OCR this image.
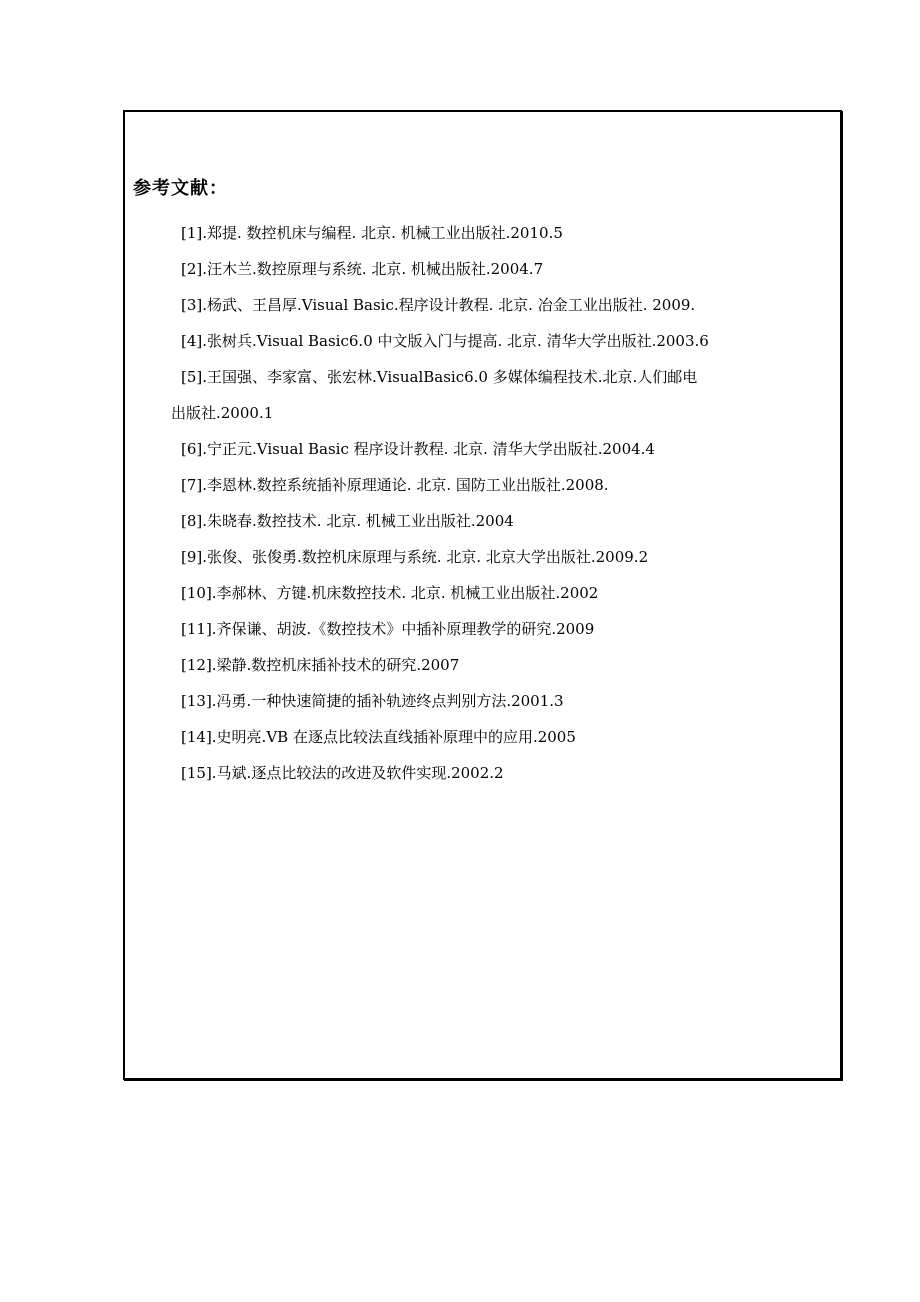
参考文献：
[1].郑提. 数控机床与编程. 北京. 机械工业出版社.2010.5
[2].汪木兰.数控原理与系统. 北京. 机械出版社.2004.7
[3].杨武、王昌厚.Visual Basic.程序设计教程. 北京. 冶金工业出版社. 2009.
[4].张树兵.Visual Basic6.0 中文版入门与提高. 北京. 清华大学出版社.2003.6
[5].王国强、李家富、张宏林.VisualBasic6.0 多媒体编程技术.北京.人们邮电
出版社.2000.1
[6].宁正元.Visual Basic 程序设计教程. 北京. 清华大学出版社.2004.4
[7].李恩林.数控系统插补原理通论. 北京. 国防工业出版社.2008.
[8].朱晓春.数控技术. 北京. 机械工业出版社.2004
[9].张俊、张俊勇.数控机床原理与系统. 北京. 北京大学出版社.2009.2
[10].李郝林、方键.机床数控技术. 北京. 机械工业出版社.2002
[11].齐保谦、胡波.《数控技术》中插补原理教学的研究.2009
[12].梁静.数控机床插补技术的研究.2007
[13].冯勇.一种快速简捷的插补轨迹终点判别方法.2001.3
[14].史明亮.VB 在逐点比较法直线插补原理中的应用.2005
[15].马斌.逐点比较法的改进及软件实现.2002.2
